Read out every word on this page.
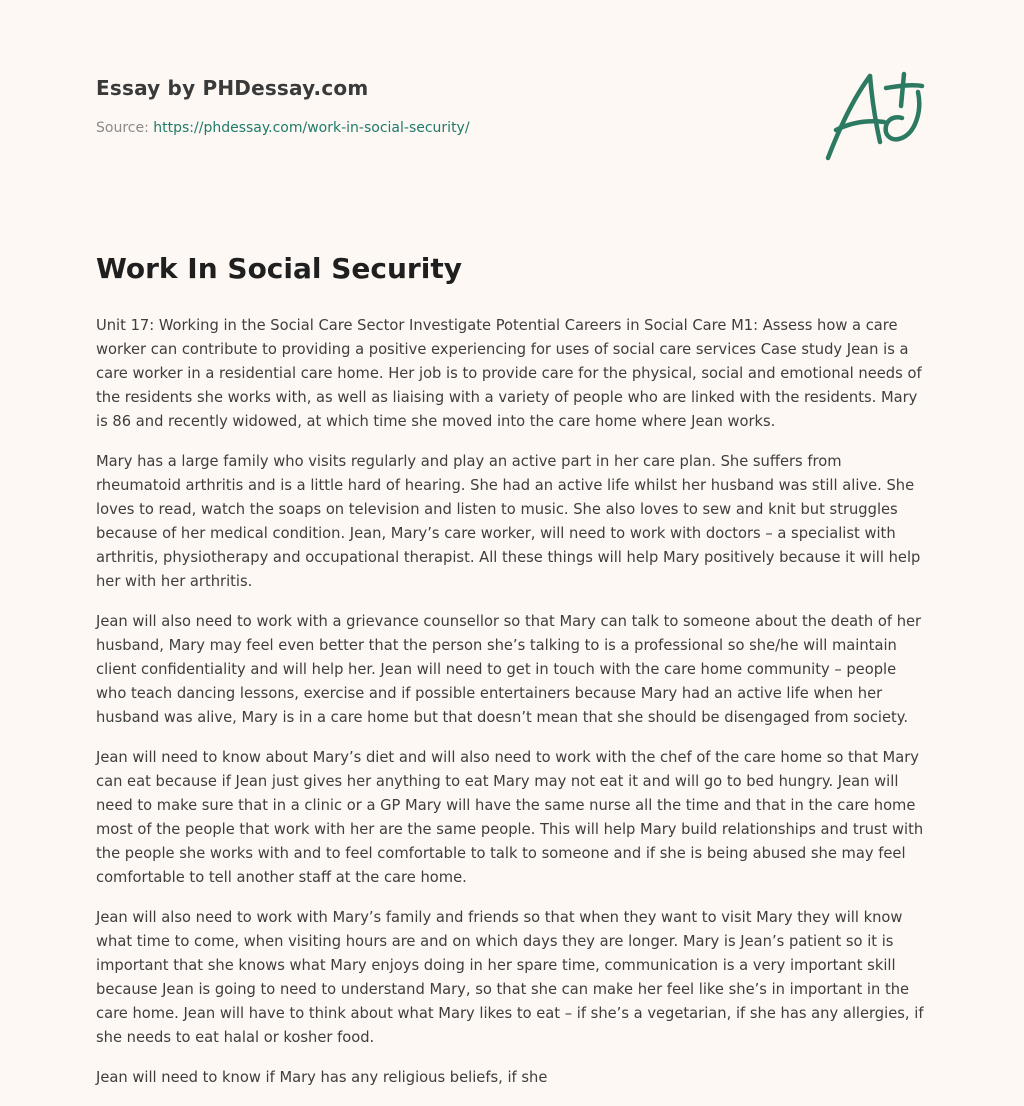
Essay by PHDessay.com
Source: https://phdessay.com/work-in-social-security/
Work In Social Security

Unit 17: Working in the Social Care Sector Investigate Potential Careers in Social Care M1: Assess how a care worker can contribute to providing a positive experiencing for uses of social care services Case study Jean is a care worker in a residential care home. Her job is to provide care for the physical, social and emotional needs of the residents she works with, as well as liaising with a variety of people who are linked with the residents. Mary is 86 and recently widowed, at which time she moved into the care home where Jean works.

Mary has a large family who visits regularly and play an active part in her care plan. She suffers from rheumatoid arthritis and is a little hard of hearing. She had an active life whilst her husband was still alive. She loves to read, watch the soaps on television and listen to music. She also loves to sew and knit but struggles because of her medical condition. Jean, Mary’s care worker, will need to work with doctors – a specialist with arthritis, physiotherapy and occupational therapist. All these things will help Mary positively because it will help her with her arthritis.

Jean will also need to work with a grievance counsellor so that Mary can talk to someone about the death of her husband, Mary may feel even better that the person she’s talking to is a professional so she/he will maintain client confidentiality and will help her. Jean will need to get in touch with the care home community – people who teach dancing lessons, exercise and if possible entertainers because Mary had an active life when her husband was alive, Mary is in a care home but that doesn’t mean that she should be disengaged from society.

Jean will need to know about Mary’s diet and will also need to work with the chef of the care home so that Mary can eat because if Jean just gives her anything to eat Mary may not eat it and will go to bed hungry. Jean will need to make sure that in a clinic or a GP Mary will have the same nurse all the time and that in the care home most of the people that work with her are the same people. This will help Mary build relationships and trust with the people she works with and to feel comfortable to talk to someone and if she is being abused she may feel comfortable to tell another staff at the care home.

Jean will also need to work with Mary’s family and friends so that when they want to visit Mary they will know what time to come, when visiting hours are and on which days they are longer. Mary is Jean’s patient so it is important that she knows what Mary enjoys doing in her spare time, communication is a very important skill because Jean is going to need to understand Mary, so that she can make her feel like she’s in important in the care home. Jean will have to think about what Mary likes to eat – if she’s a vegetarian, if she has any allergies, if she needs to eat halal or kosher food.

Jean will need to know if Mary has any religious beliefs, if she
